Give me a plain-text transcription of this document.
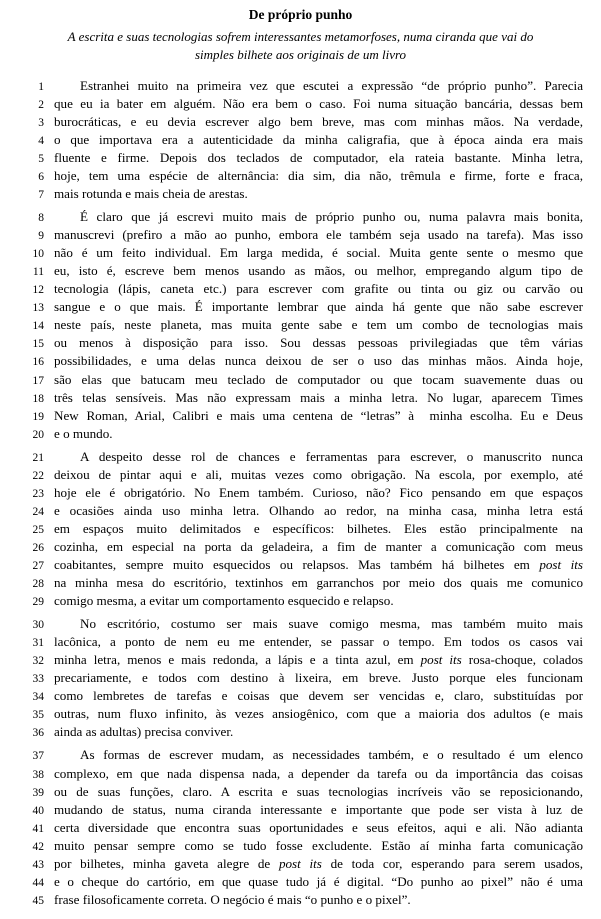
De próprio punho
A escrita e suas tecnologias sofrem interessantes metamorfoses, numa ciranda que vai do simples bilhete aos originais de um livro
1	Estranhei muito na primeira vez que escutei a expressão “de próprio punho”. Parecia
2 que eu ia bater em alguém. Não era bem o caso. Foi numa situação bancária, dessas bem
3 burocráticas, e eu devia escrever algo bem breve, mas com minhas mãos. Na verdade,
4 o que importava era a autenticidade da minha caligrafia, que à época ainda era mais
5 fluente e firme. Depois dos teclados de computador, ela rateia bastante. Minha letra,
6 hoje, tem uma espécie de alternância: dia sim, dia não, trêmula e firme, forte e fraca,
7 mais rotunda e mais cheia de arestas.
8	É claro que já escrevi muito mais de próprio punho ou, numa palavra mais bonita,
9 manuscrevi (prefiro a mão ao punho, embora ele também seja usado na tarefa). Mas isso
10 não é um feito individual. Em larga medida, é social. Muita gente sente o mesmo que
11 eu, isto é, escreve bem menos usando as mãos, ou melhor, empregando algum tipo de
12 tecnologia (lápis, caneta etc.) para escrever com grafite ou tinta ou giz ou carvão ou
13 sangue e o que mais. É importante lembrar que ainda há gente que não sabe escrever
14 neste país, neste planeta, mas muita gente sabe e tem um combo de tecnologias mais
15 ou menos à disposição para isso. Sou dessas pessoas privilegiadas que têm várias
16 possibilidades, e uma delas nunca deixou de ser o uso das minhas mãos. Ainda hoje,
17 são elas que batucam meu teclado de computador ou que tocam suavemente duas ou
18 três telas sensíveis. Mas não expressam mais a minha letra. No lugar, aparecem Times
19 New Roman, Arial, Calibri e mais uma centena de “letras” à  minha escolha. Eu e Deus
20 e o mundo.
21	A despeito desse rol de chances e ferramentas para escrever, o manuscrito nunca
22 deixou de pintar aqui e ali, muitas vezes como obrigação. Na escola, por exemplo, até
23 hoje ele é obrigatório. No Enem também. Curioso, não? Fico pensando em que espaços
24 e ocasiões ainda uso minha letra. Olhando ao redor, na minha casa, minha letra está
25 em espaços muito delimitados e específicos: bilhetes. Eles estão principalmente na
26 cozinha, em especial na porta da geladeira, a fim de manter a comunicação com meus
27 coabitantes, sempre muito esquecidos ou relapsos. Mas também há bilhetes em post its
28 na minha mesa do escritório, textinhos em garranchos por meio dos quais me comunico
29 comigo mesma, a evitar um comportamento esquecido e relapso.
30	No escritório, costumo ser mais suave comigo mesma, mas também muito mais
31 lacônica, a ponto de nem eu me entender, se passar o tempo. Em todos os casos vai
32 minha letra, menos e mais redonda, a lápis e a tinta azul, em post its rosa-choque, colados
33 precariamente, e todos com destino à lixeira, em breve. Justo porque eles funcionam
34 como lembretes de tarefas e coisas que devem ser vencidas e, claro, substituídas por
35 outras, num fluxo infinito, às vezes ansiogênico, com que a maioria dos adultos (e mais
36 ainda as adultas) precisa conviver.
37	As formas de escrever mudam, as necessidades também, e o resultado é um elenco
38 complexo, em que nada dispensa nada, a depender da tarefa ou da importância das coisas
39 ou de suas funções, claro. A escrita e suas tecnologias incríveis vão se reposicionando,
40 mudando de status, numa ciranda interessante e importante que pode ser vista à luz de
41 certa diversidade que encontra suas oportunidades e seus efeitos, aqui e ali. Não adianta
42 muito pensar sempre como se tudo fosse excludente. Estão aí minha farta comunicação
43 por bilhetes, minha gaveta alegre de post its de toda cor, esperando para serem usados,
44 e o cheque do cartório, em que quase tudo já é digital. “Do punho ao pixel” não é uma
45 frase filosoficamente correta. O negócio é mais “o punho e o pixel”.
